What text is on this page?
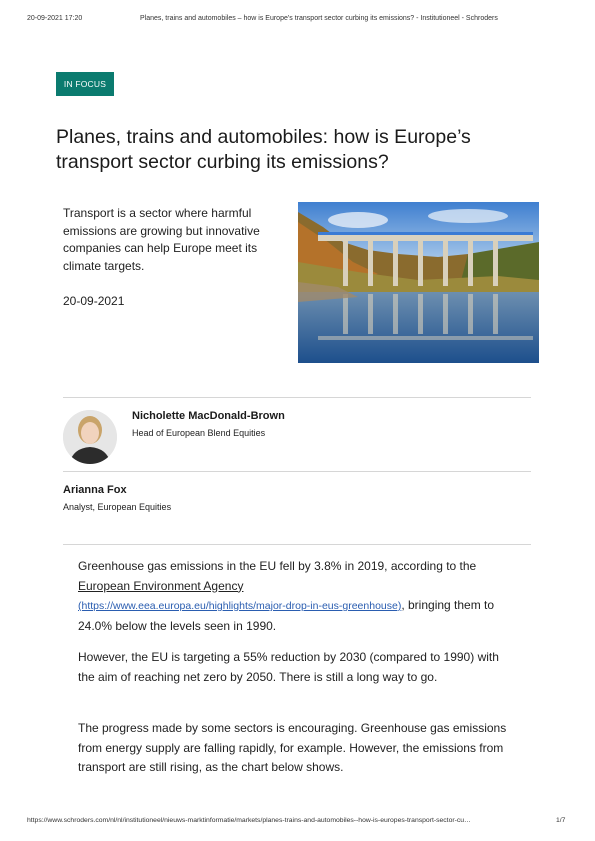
20-09-2021 17:20	Planes, trains and automobiles – how is Europe’s transport sector curbing its emissions? - Institutioneel - Schroders
IN FOCUS
Planes, trains and automobiles: how is Europe’s transport sector curbing its emissions?
Transport is a sector where harmful emissions are growing but innovative companies can help Europe meet its climate targets.
20-09-2021
Nicholette MacDonald-Brown
Head of European Blend Equities
Arianna Fox
Analyst, European Equities
Greenhouse gas emissions in the EU fell by 3.8% in 2019, according to the European Environment Agency
(https://www.eea.europa.eu/highlights/major-drop-in-eus-greenhouse), bringing them to 24.0% below the levels seen in 1990.
However, the EU is targeting a 55% reduction by 2030 (compared to 1990) with the aim of reaching net zero by 2050. There is still a long way to go.
The progress made by some sectors is encouraging. Greenhouse gas emissions from energy supply are falling rapidly, for example. However, the emissions from transport are still rising, as the chart below shows.
https://www.schroders.com/nl/nl/institutioneel/nieuws-marktinformatie/markets/planes-trains-and-automobiles--how-is-europes-transport-sector-cu…	1/7
